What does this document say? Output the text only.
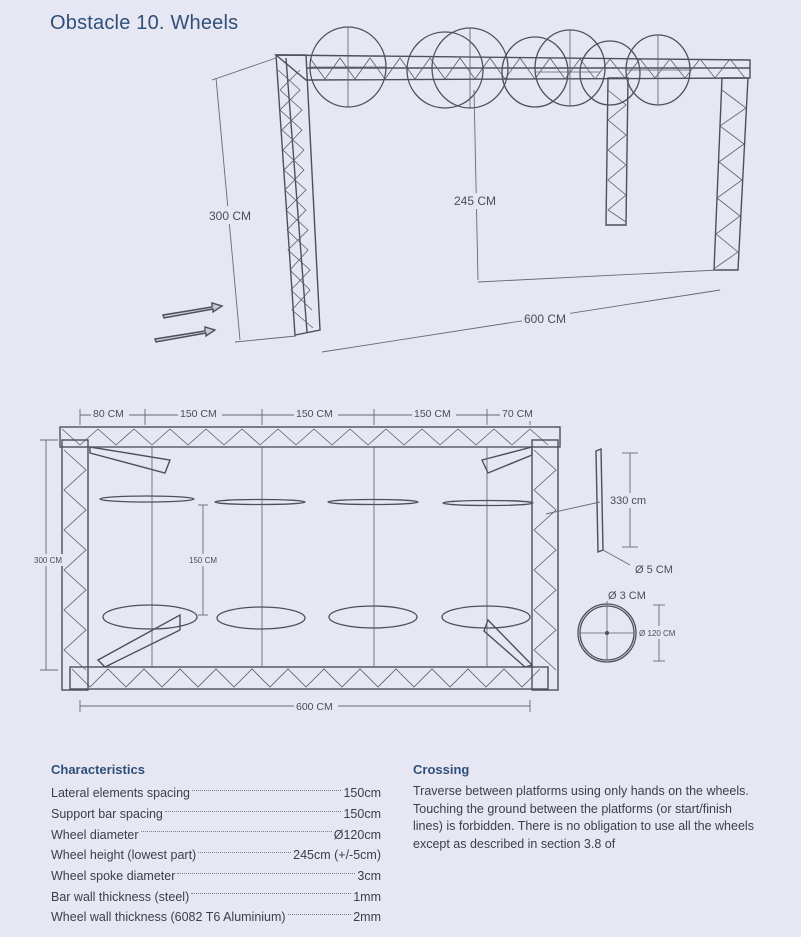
Obstacle 10. Wheels
300 CM
245 CM
600 CM
80 CM	150 CM	150 CM	150 CM	70 CM
300 CM	150 CM
600 CM
330 cm
Ø 5 CM
Ø 3 CM
Ø 120 CM
Characteristics
Lateral elements spacing	150cm
Support bar spacing	150cm
Wheel diameter	Ø120cm
Wheel height (lowest part)	245cm (+/-5cm)
Wheel spoke diameter	3cm
Bar wall thickness (steel)	1mm
Wheel wall thickness (6082 T6 Aluminium)	2mm
Crossing
Traverse between platforms using only hands on the wheels. Touching the ground between the platforms (or start/finish lines) is forbidden. There is no obligation to use all the wheels except as described in section 3.8 of
